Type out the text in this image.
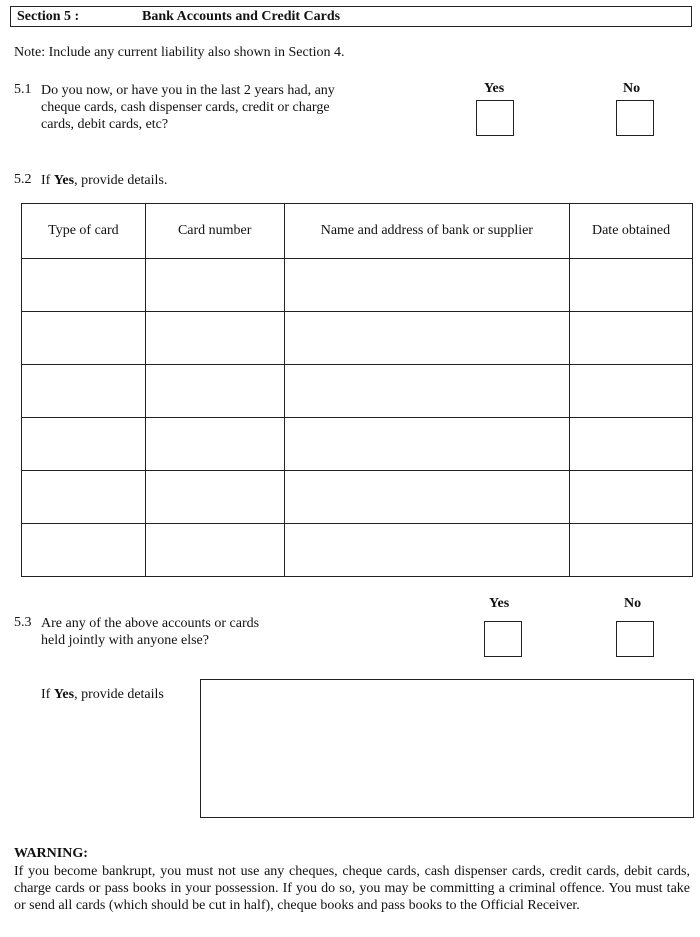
Section 5 :	Bank Accounts and Credit Cards
Note: Include any current liability also shown in Section 4.
5.1 Do you now, or have you in the last 2 years had, any
cheque cards, cash dispenser cards, credit or charge
cards, debit cards, etc?
Yes	No
5.2 If Yes, provide details.
Type of card	Card number	Name and address of bank or supplier	Date obtained

Yes	No
5.3 Are any of the above accounts or cards
held jointly with anyone else?
If Yes, provide details
WARNING:
If you become bankrupt, you must not use any cheques, cheque cards, cash dispenser cards, credit cards, debit cards, charge cards or pass books in your possession. If you do so, you may be committing a criminal offence. You must take or send all cards (which should be cut in half), cheque books and pass books to the Official Receiver.
